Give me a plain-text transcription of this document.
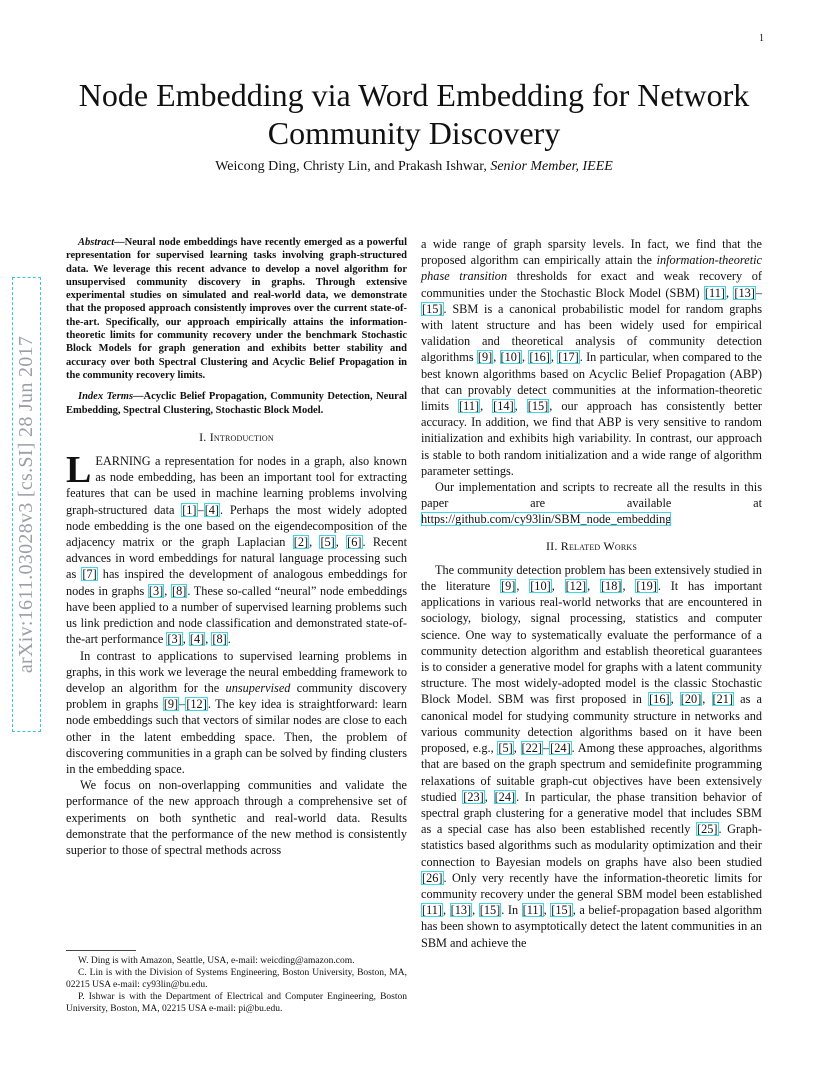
1
arXiv:1611.03028v3 [cs.SI] 28 Jun 2017
Node Embedding via Word Embedding for Network
Community Discovery
Weicong Ding, Christy Lin, and Prakash Ishwar, Senior Member, IEEE

Abstract—Neural node embeddings have recently emerged as a powerful representation for supervised learning tasks involving graph-structured data. We leverage this recent advance to develop a novel algorithm for unsupervised community discovery in graphs. Through extensive experimental studies on simulated and real-world data, we demonstrate that the proposed approach consistently improves over the current state-of-the-art. Specifically, our approach empirically attains the information-theoretic limits for community recovery under the benchmark Stochastic Block Models for graph generation and exhibits better stability and accuracy over both Spectral Clustering and Acyclic Belief Propagation in the community recovery limits.

Index Terms—Acyclic Belief Propagation, Community Detection, Neural Embedding, Spectral Clustering, Stochastic Block Model.

I. Introduction

LEARNING a representation for nodes in a graph, also known as node embedding, has been an important tool for extracting features that can be used in machine learning problems involving graph-structured data [1]–[4]. Perhaps the most widely adopted node embedding is the one based on the eigendecomposition of the adjacency matrix or the graph Laplacian [2], [5], [6]. Recent advances in word embeddings for natural language processing such as [7] has inspired the development of analogous embeddings for nodes in graphs [3], [8]. These so-called “neural” node embeddings have been applied to a number of supervised learning problems such us link prediction and node classification and demonstrated state-of-the-art performance [3], [4], [8].

In contrast to applications to supervised learning problems in graphs, in this work we leverage the neural embedding framework to develop an algorithm for the unsupervised community discovery problem in graphs [9]–[12]. The key idea is straightforward: learn node embeddings such that vectors of similar nodes are close to each other in the latent embedding space. Then, the problem of discovering communities in a graph can be solved by finding clusters in the embedding space.

We focus on non-overlapping communities and validate the performance of the new approach through a comprehensive set of experiments on both synthetic and real-world data. Results demonstrate that the performance of the new method is consistently superior to those of spectral methods across

W. Ding is with Amazon, Seattle, USA, e-mail: weicding@amazon.com.

C. Lin is with the Division of Systems Engineering, Boston University, Boston, MA, 02215 USA e-mail: cy93lin@bu.edu.

P. Ishwar is with the Department of Electrical and Computer Engineering, Boston University, Boston, MA, 02215 USA e-mail: pi@bu.edu.

a wide range of graph sparsity levels. In fact, we find that the proposed algorithm can empirically attain the information-theoretic phase transition thresholds for exact and weak recovery of communities under the Stochastic Block Model (SBM) [11], [13]–[15]. SBM is a canonical probabilistic model for random graphs with latent structure and has been widely used for empirical validation and theoretical analysis of community detection algorithms [9], [10], [16], [17]. In particular, when compared to the best known algorithms based on Acyclic Belief Propagation (ABP) that can provably detect communities at the information-theoretic limits [11], [14], [15], our approach has consistently better accuracy. In addition, we find that ABP is very sensitive to random initialization and exhibits high variability. In contrast, our approach is stable to both random initialization and a wide range of algorithm parameter settings.

Our implementation and scripts to recreate all the results in this paper are available at https://github.com/cy93lin/SBM_node_embedding

II. Related Works

The community detection problem has been extensively studied in the literature [9], [10], [12], [18], [19]. It has important applications in various real-world networks that are encountered in sociology, biology, signal processing, statistics and computer science. One way to systematically evaluate the performance of a community detection algorithm and establish theoretical guarantees is to consider a generative model for graphs with a latent community structure. The most widely-adopted model is the classic Stochastic Block Model. SBM was first proposed in [16], [20], [21] as a canonical model for studying community structure in networks and various community detection algorithms based on it have been proposed, e.g., [5], [22]–[24]. Among these approaches, algorithms that are based on the graph spectrum and semidefinite programming relaxations of suitable graph-cut objectives have been extensively studied [23], [24]. In particular, the phase transition behavior of spectral graph clustering for a generative model that includes SBM as a special case has also been established recently [25]. Graph-statistics based algorithms such as modularity optimization and their connection to Bayesian models on graphs have also been studied [26]. Only very recently have the information-theoretic limits for community recovery under the general SBM model been established [11], [13], [15]. In [11], [15], a belief-propagation based algorithm has been shown to asymptotically detect the latent communities in an SBM and achieve the
